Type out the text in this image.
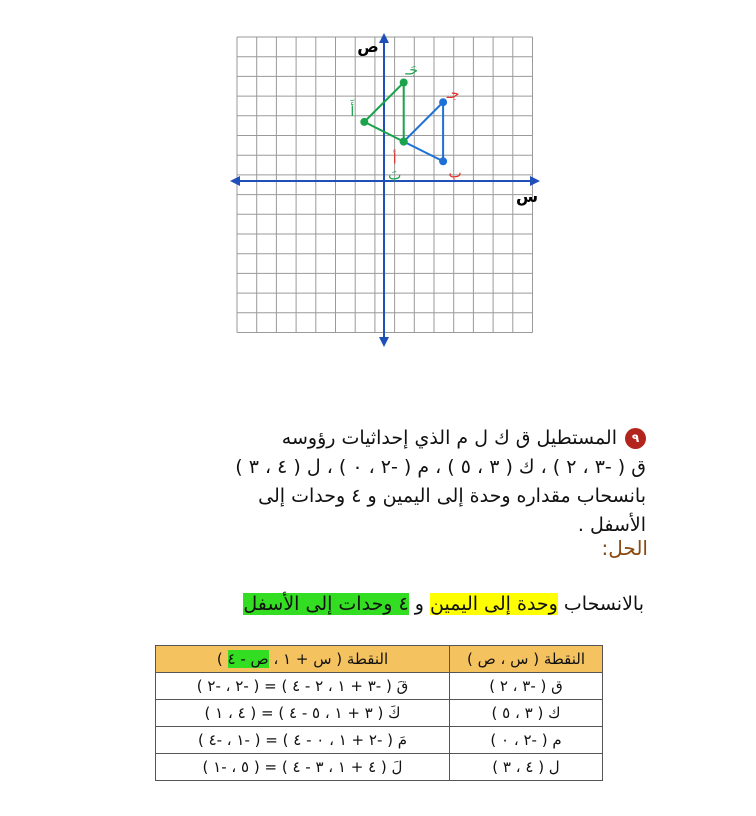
ص
س
أ
ب
جـ
أَ
بَ
جَـ
٩المستطيل ق ك ل م الذي إحداثيات رؤوسه
ق ( -٣ ، ٢ ) ، ك ( ٣ ، ٥ ) ، م ( -٢ ، ٠ ) ، ل ( ٤ ، ٣ )
بانسحاب مقداره وحدة إلى اليمين و ٤ وحدات إلى
الأسفل .
الحل:
بالانسحاب وحدة إلى اليمين و ٤ وحدات إلى الأسفل
النقطة ( س ، ص )	النقطة ( س + ١ ، ص - ٤ )
ق ( -٣ ، ٢ )	قَ ( -٣ + ١ ، ٢ - ٤ ) = ( -٢ ، -٢ )
ك ( ٣ ، ٥ )	كَ ( ٣ + ١ ، ٥ - ٤ ) = ( ٤ ، ١ )
م ( -٢ ، ٠ )	مَ ( -٢ + ١ ، ٠ - ٤ ) = ( -١ ، -٤ )
ل ( ٤ ، ٣ )	لَ ( ٤ + ١ ، ٣ - ٤ ) = ( ٥ ، -١ )
